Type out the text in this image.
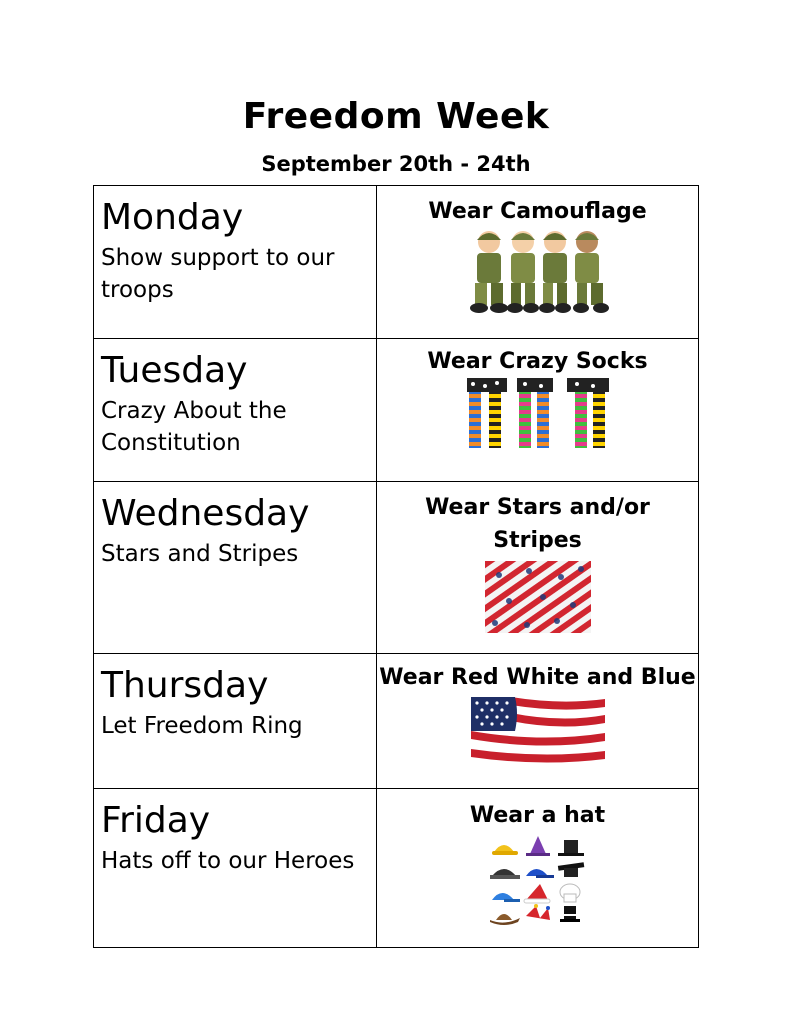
Freedom Week
September 20th - 24th
Monday
Show support to our troops	Wear Camouflage

Tuesday
Crazy About the Constitution	Wear Crazy Socks

Wednesday
Stars and Stripes	Wear Stars and/or Stripes

Thursday
Let Freedom Ring	Wear Red White and Blue

Friday
Hats off to our Heroes	Wear a hat
